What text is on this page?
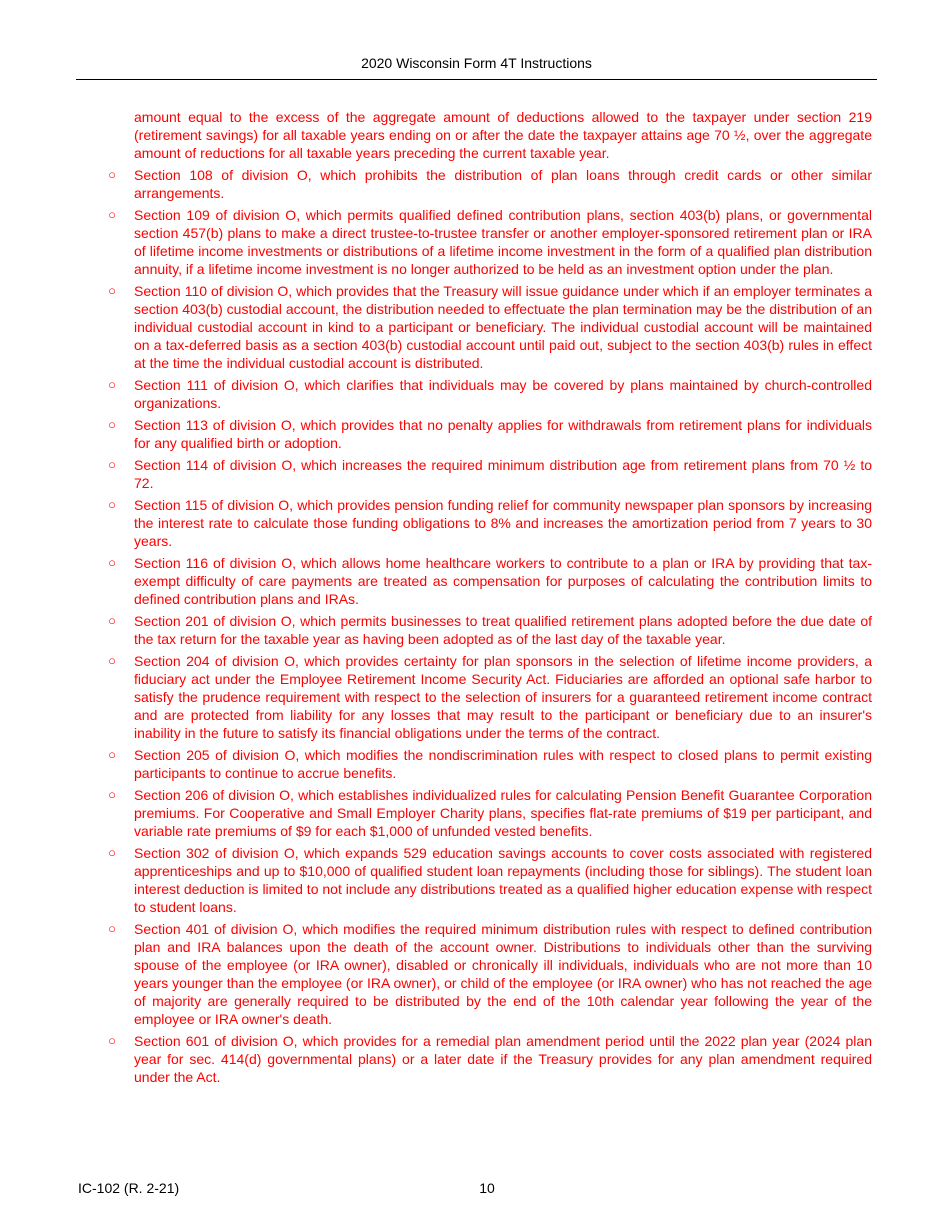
2020 Wisconsin Form 4T Instructions

amount equal to the excess of the aggregate amount of deductions allowed to the taxpayer under section 219 (retirement savings) for all taxable years ending on or after the date the taxpayer attains age 70 ½, over the aggregate amount of reductions for all taxable years preceding the current taxable year.

○ Section 108 of division O, which prohibits the distribution of plan loans through credit cards or other similar arrangements.
○ Section 109 of division O, which permits qualified defined contribution plans, section 403(b) plans, or governmental section 457(b) plans to make a direct trustee-to-trustee transfer or another employer-sponsored retirement plan or IRA of lifetime income investments or distributions of a lifetime income investment in the form of a qualified plan distribution annuity, if a lifetime income investment is no longer authorized to be held as an investment option under the plan.
○ Section 110 of division O, which provides that the Treasury will issue guidance under which if an employer terminates a section 403(b) custodial account, the distribution needed to effectuate the plan termination may be the distribution of an individual custodial account in kind to a participant or beneficiary. The individual custodial account will be maintained on a tax-deferred basis as a section 403(b) custodial account until paid out, subject to the section 403(b) rules in effect at the time the individual custodial account is distributed.
○ Section 111 of division O, which clarifies that individuals may be covered by plans maintained by church-controlled organizations.
○ Section 113 of division O, which provides that no penalty applies for withdrawals from retirement plans for individuals for any qualified birth or adoption.
○ Section 114 of division O, which increases the required minimum distribution age from retirement plans from 70 ½ to 72.
○ Section 115 of division O, which provides pension funding relief for community newspaper plan sponsors by increasing the interest rate to calculate those funding obligations to 8% and increases the amortization period from 7 years to 30 years.
○ Section 116 of division O, which allows home healthcare workers to contribute to a plan or IRA by providing that tax-exempt difficulty of care payments are treated as compensation for purposes of calculating the contribution limits to defined contribution plans and IRAs.
○ Section 201 of division O, which permits businesses to treat qualified retirement plans adopted before the due date of the tax return for the taxable year as having been adopted as of the last day of the taxable year.
○ Section 204 of division O, which provides certainty for plan sponsors in the selection of lifetime income providers, a fiduciary act under the Employee Retirement Income Security Act. Fiduciaries are afforded an optional safe harbor to satisfy the prudence requirement with respect to the selection of insurers for a guaranteed retirement income contract and are protected from liability for any losses that may result to the participant or beneficiary due to an insurer's inability in the future to satisfy its financial obligations under the terms of the contract.
○ Section 205 of division O, which modifies the nondiscrimination rules with respect to closed plans to permit existing participants to continue to accrue benefits.
○ Section 206 of division O, which establishes individualized rules for calculating Pension Benefit Guarantee Corporation premiums. For Cooperative and Small Employer Charity plans, specifies flat-rate premiums of $19 per participant, and variable rate premiums of $9 for each $1,000 of unfunded vested benefits.
○ Section 302 of division O, which expands 529 education savings accounts to cover costs associated with registered apprenticeships and up to $10,000 of qualified student loan repayments (including those for siblings). The student loan interest deduction is limited to not include any distributions treated as a qualified higher education expense with respect to student loans.
○ Section 401 of division O, which modifies the required minimum distribution rules with respect to defined contribution plan and IRA balances upon the death of the account owner. Distributions to individuals other than the surviving spouse of the employee (or IRA owner), disabled or chronically ill individuals, individuals who are not more than 10 years younger than the employee (or IRA owner), or child of the employee (or IRA owner) who has not reached the age of majority are generally required to be distributed by the end of the 10th calendar year following the year of the employee or IRA owner's death.
○ Section 601 of division O, which provides for a remedial plan amendment period until the 2022 plan year (2024 plan year for sec. 414(d) governmental plans) or a later date if the Treasury provides for any plan amendment required under the Act.
IC-102 (R. 2-21)	10
